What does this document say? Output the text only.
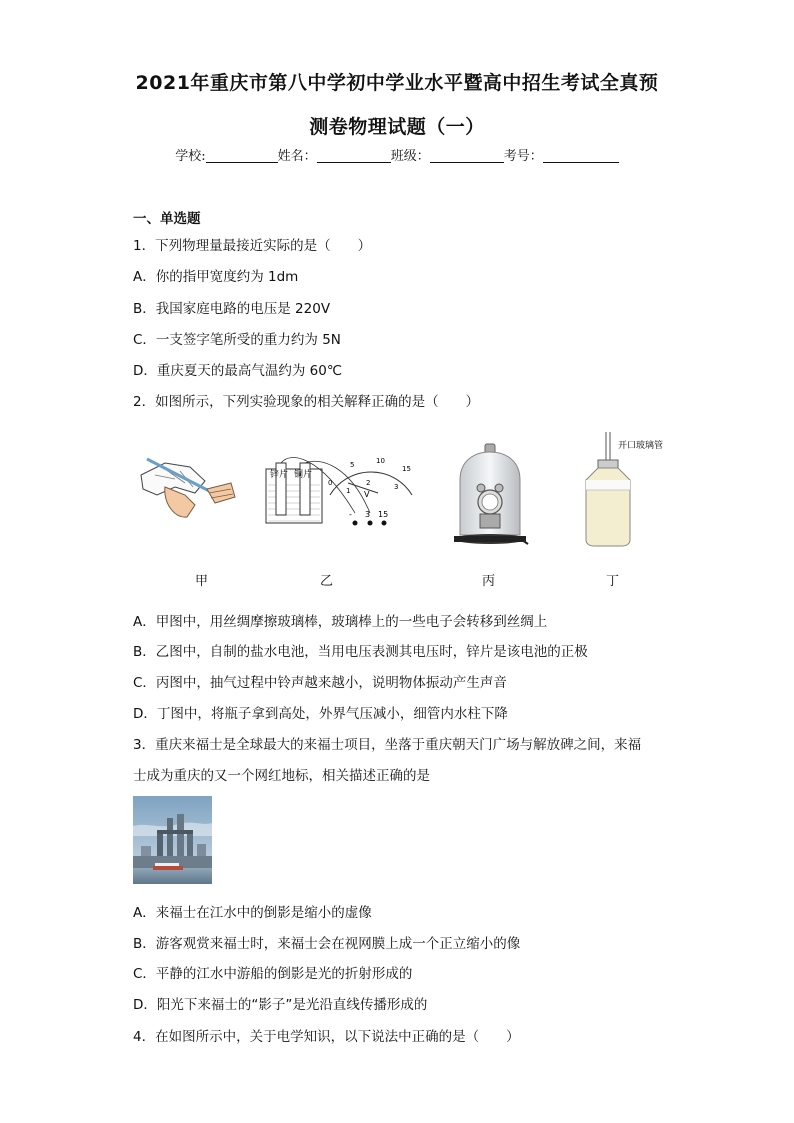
2021年重庆市第八中学初中学业水平暨高中招生考试全真预
测卷物理试题（一）
学校:	姓名：	班级：	考号：
一、单选题
1．下列物理量最接近实际的是（　　）
A．你的指甲宽度约为 1dm
B．我国家庭电路的电压是 220V
C．一支签字笔所受的重力约为 5N
D．重庆夏天的最高气温约为 60℃
2．如图所示，下列实验现象的相关解释正确的是（　　）
锌片 铜片
0
5	10
15
1
2	3
V
- 3 15
开口玻璃管
甲	乙	丙	丁
A．甲图中，用丝绸摩擦玻璃棒，玻璃棒上的一些电子会转移到丝绸上
B．乙图中，自制的盐水电池，当用电压表测其电压时，锌片是该电池的正极
C．丙图中，抽气过程中铃声越来越小，说明物体振动产生声音
D．丁图中，将瓶子拿到高处，外界气压减小，细管内水柱下降
3．重庆来福士是全球最大的来福士项目，坐落于重庆朝天门广场与解放碑之间，来福
士成为重庆的又一个网红地标，相关描述正确的是
A．来福士在江水中的倒影是缩小的虚像
B．游客观赏来福士时，来福士会在视网膜上成一个正立缩小的像
C．平静的江水中游船的倒影是光的折射形成的
D．阳光下来福士的“影子”是光沿直线传播形成的
4．在如图所示中，关于电学知识，以下说法中正确的是（　　）
